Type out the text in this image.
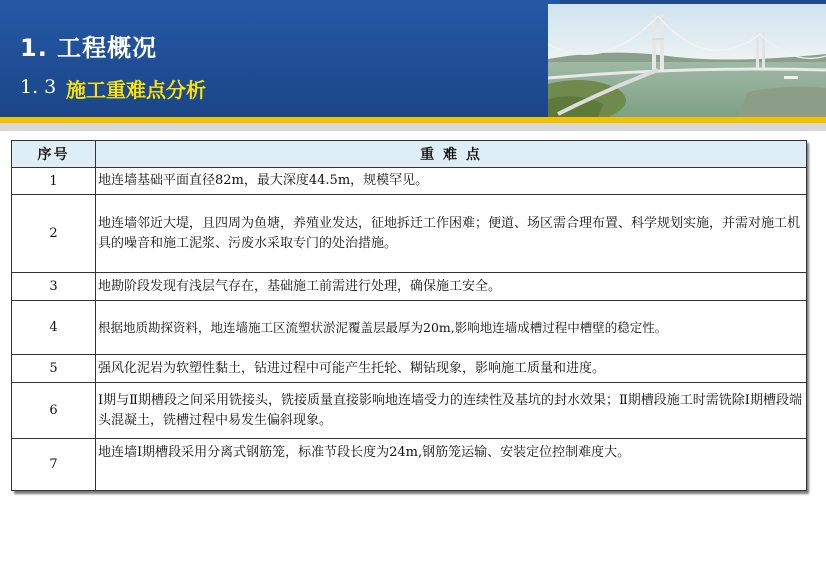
1. 工程概况
1. 3 施工重难点分析
序号	重 难 点
1	地连墙基础平面直径82m，最大深度44.5m，规模罕见。
2	地连墙邻近大堤，且四周为鱼塘，养殖业发达，征地拆迁工作困难；便道、场区需合理布置、科学规划实施，并需对施工机具的噪音和施工泥浆、污废水采取专门的处治措施。
3	地勘阶段发现有浅层气存在，基础施工前需进行处理，确保施工安全。
4	根据地质勘探资料，地连墙施工区流塑状淤泥覆盖层最厚为20m,影响地连墙成槽过程中槽壁的稳定性。
5	强风化泥岩为软塑性黏土，钻进过程中可能产生托轮、糊钻现象，影响施工质量和进度。
6	Ⅰ期与Ⅱ期槽段之间采用铣接头，铣接质量直接影响地连墙受力的连续性及基坑的封水效果；Ⅱ期槽段施工时需铣除Ⅰ期槽段端头混凝土，铣槽过程中易发生偏斜现象。
7	地连墙Ⅰ期槽段采用分离式钢筋笼，标准节段长度为24m,钢筋笼运输、安装定位控制难度大。
